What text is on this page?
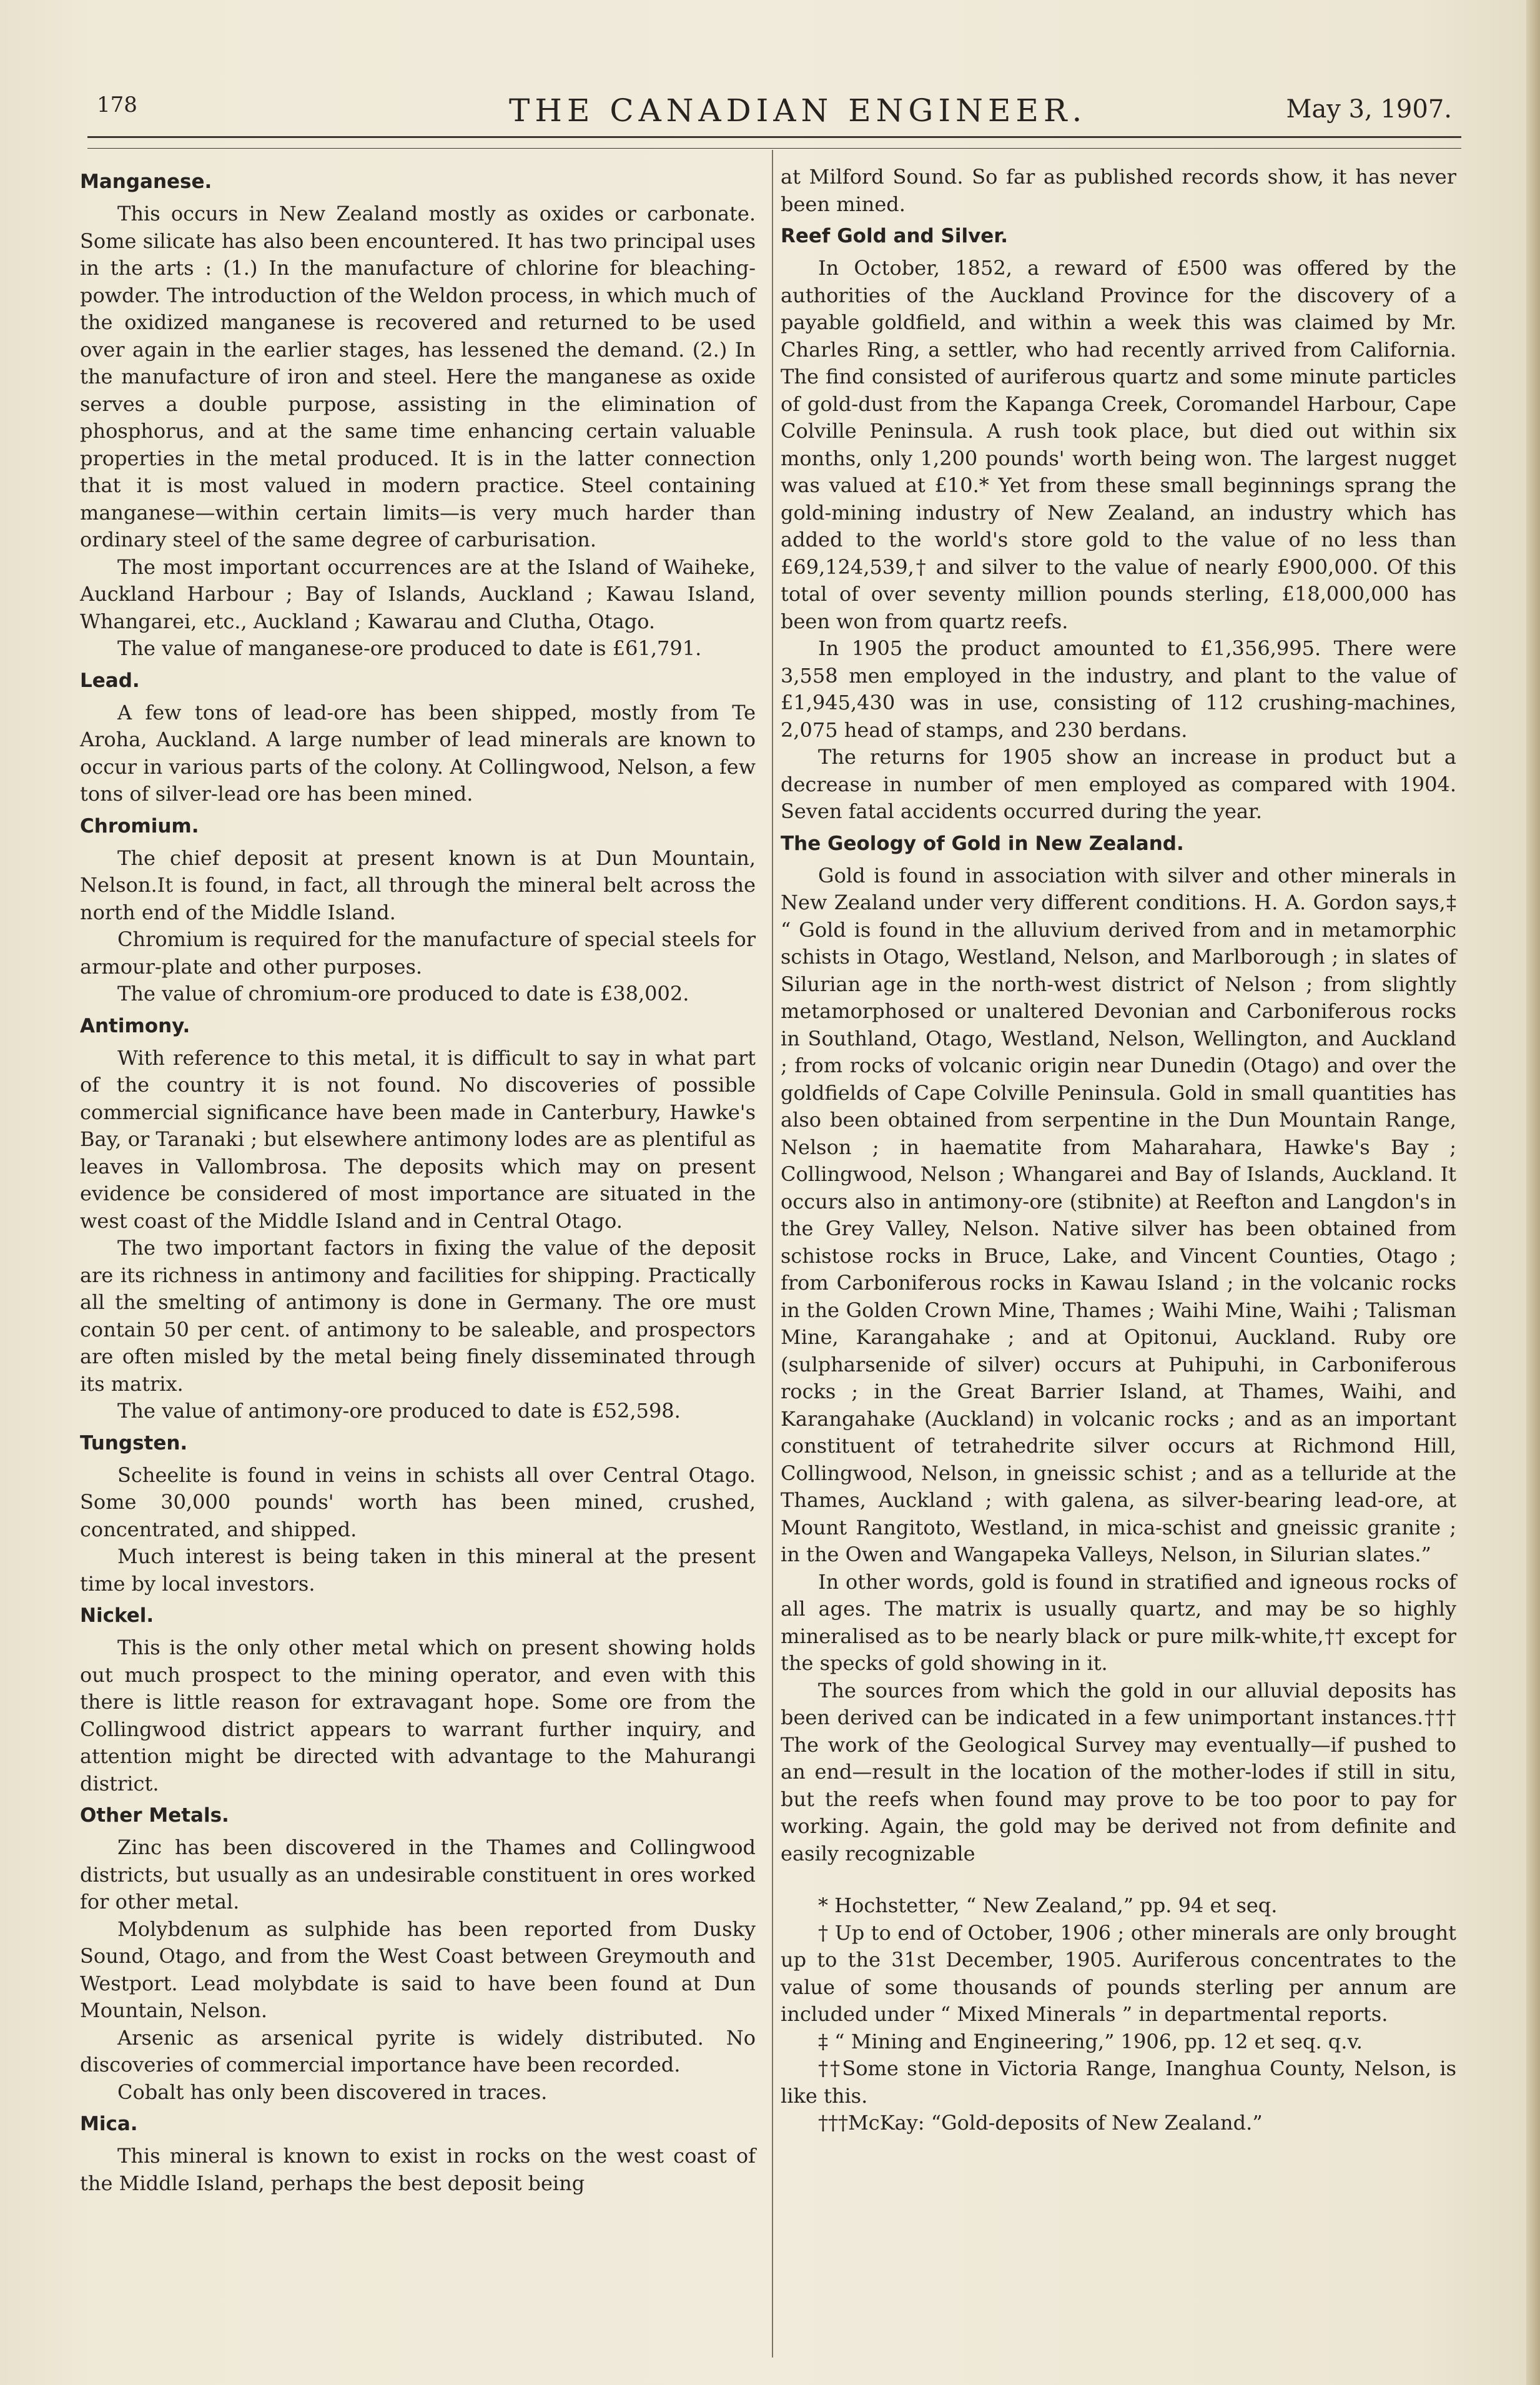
178	THE CANADIAN ENGINEER.	May 3, 1907.
Manganese.

This occurs in New Zealand mostly as oxides or carbonate. Some silicate has also been encountered. It has two principal uses in the arts : (1.) In the manufacture of chlorine for bleaching-powder. The introduction of the Weldon process, in which much of the oxidized manganese is recovered and returned to be used over again in the earlier stages, has lessened the demand. (2.) In the manufacture of iron and steel. Here the manganese as oxide serves a double purpose, assisting in the elimination of phosphorus, and at the same time enhancing certain valuable properties in the metal produced. It is in the latter connection that it is most valued in modern practice. Steel containing manganese—within certain limits—is very much harder than ordinary steel of the same degree of carburisation.

The most important occurrences are at the Island of Waiheke, Auckland Harbour ; Bay of Islands, Auckland ; Kawau Island, Whangarei, etc., Auckland ; Kawarau and Clutha, Otago.

The value of manganese-ore produced to date is £61,791.

Lead.

A few tons of lead-ore has been shipped, mostly from Te Aroha, Auckland. A large number of lead minerals are known to occur in various parts of the colony. At Collingwood, Nelson, a few tons of silver-lead ore has been mined.

Chromium.

The chief deposit at present known is at Dun Mountain, Nelson.It is found, in fact, all through the mineral belt across the north end of the Middle Island.

Chromium is required for the manufacture of special steels for armour-plate and other purposes.

The value of chromium-ore produced to date is £38,002.

Antimony.

With reference to this metal, it is difficult to say in what part of the country it is not found. No discoveries of possible commercial significance have been made in Canterbury, Hawke's Bay, or Taranaki ; but elsewhere antimony lodes are as plentiful as leaves in Vallombrosa. The deposits which may on present evidence be considered of most importance are situated in the west coast of the Middle Island and in Central Otago.

The two important factors in fixing the value of the deposit are its richness in antimony and facilities for shipping. Practically all the smelting of antimony is done in Germany. The ore must contain 50 per cent. of antimony to be saleable, and prospectors are often misled by the metal being finely disseminated through its matrix.

The value of antimony-ore produced to date is £52,598.

Tungsten.

Scheelite is found in veins in schists all over Central Otago. Some 30,000 pounds' worth has been mined, crushed, concentrated, and shipped.

Much interest is being taken in this mineral at the present time by local investors.

Nickel.

This is the only other metal which on present showing holds out much prospect to the mining operator, and even with this there is little reason for extravagant hope. Some ore from the Collingwood district appears to warrant further inquiry, and attention might be directed with advantage to the Mahurangi district.

Other Metals.

Zinc has been discovered in the Thames and Collingwood districts, but usually as an undesirable constituent in ores worked for other metal.

Molybdenum as sulphide has been reported from Dusky Sound, Otago, and from the West Coast between Greymouth and Westport. Lead molybdate is said to have been found at Dun Mountain, Nelson.

Arsenic as arsenical pyrite is widely distributed. No discoveries of commercial importance have been recorded.

Cobalt has only been discovered in traces.

Mica.

This mineral is known to exist in rocks on the west coast of the Middle Island, perhaps the best deposit being

at Milford Sound. So far as published records show, it has never been mined.

Reef Gold and Silver.

In October, 1852, a reward of £500 was offered by the authorities of the Auckland Province for the discovery of a payable goldfield, and within a week this was claimed by Mr. Charles Ring, a settler, who had recently arrived from California. The find consisted of auriferous quartz and some minute particles of gold-dust from the Kapanga Creek, Coromandel Harbour, Cape Colville Peninsula. A rush took place, but died out within six months, only 1,200 pounds' worth being won. The largest nugget was valued at £10.* Yet from these small beginnings sprang the gold-mining industry of New Zealand, an industry which has added to the world's store gold to the value of no less than £69,124,539,† and silver to the value of nearly £900,000. Of this total of over seventy million pounds sterling, £18,000,000 has been won from quartz reefs.

In 1905 the product amounted to £1,356,995. There were 3,558 men employed in the industry, and plant to the value of £1,945,430 was in use, consisting of 112 crushing-machines, 2,075 head of stamps, and 230 berdans.

The returns for 1905 show an increase in product but a decrease in number of men employed as compared with 1904. Seven fatal accidents occurred during the year.

The Geology of Gold in New Zealand.

Gold is found in association with silver and other minerals in New Zealand under very different conditions. H. A. Gordon says,‡ “ Gold is found in the alluvium derived from and in metamorphic schists in Otago, Westland, Nelson, and Marlborough ; in slates of Silurian age in the north-west district of Nelson ; from slightly metamorphosed or unaltered Devonian and Carboniferous rocks in Southland, Otago, Westland, Nelson, Wellington, and Auckland ; from rocks of volcanic origin near Dunedin (Otago) and over the goldfields of Cape Colville Peninsula. Gold in small quantities has also been obtained from serpentine in the Dun Mountain Range, Nelson ; in haematite from Maharahara, Hawke's Bay ; Collingwood, Nelson ; Whangarei and Bay of Islands, Auckland. It occurs also in antimony-ore (stibnite) at Reefton and Langdon's in the Grey Valley, Nelson. Native silver has been obtained from schistose rocks in Bruce, Lake, and Vincent Counties, Otago ; from Carboniferous rocks in Kawau Island ; in the volcanic rocks in the Golden Crown Mine, Thames ; Waihi Mine, Waihi ; Talisman Mine, Karangahake ; and at Opitonui, Auckland. Ruby ore (sulpharsenide of silver) occurs at Puhipuhi, in Carboniferous rocks ; in the Great Barrier Island, at Thames, Waihi, and Karangahake (Auckland) in volcanic rocks ; and as an important constituent of tetrahedrite silver occurs at Richmond Hill, Collingwood, Nelson, in gneissic schist ; and as a telluride at the Thames, Auckland ; with galena, as silver-bearing lead-ore, at Mount Rangitoto, Westland, in mica-schist and gneissic granite ; in the Owen and Wangapeka Valleys, Nelson, in Silurian slates.”

In other words, gold is found in stratified and igneous rocks of all ages. The matrix is usually quartz, and may be so highly mineralised as to be nearly black or pure milk-white,†† except for the specks of gold showing in it.

The sources from which the gold in our alluvial deposits has been derived can be indicated in a few unimportant instances.††† The work of the Geological Survey may eventually—if pushed to an end—result in the location of the mother-lodes if still in situ, but the reefs when found may prove to be too poor to pay for working. Again, the gold may be derived not from definite and easily recognizable

* Hochstetter, “ New Zealand,” pp. 94 et seq.

† Up to end of October, 1906 ; other minerals are only brought up to the 31st December, 1905. Auriferous concentrates to the value of some thousands of pounds sterling per annum are included under “ Mixed Minerals ” in departmental reports.

‡ “ Mining and Engineering,” 1906, pp. 12 et seq. q.v.

††Some stone in Victoria Range, Inanghua County, Nelson, is like this.

†††McKay: “Gold-deposits of New Zealand.”
